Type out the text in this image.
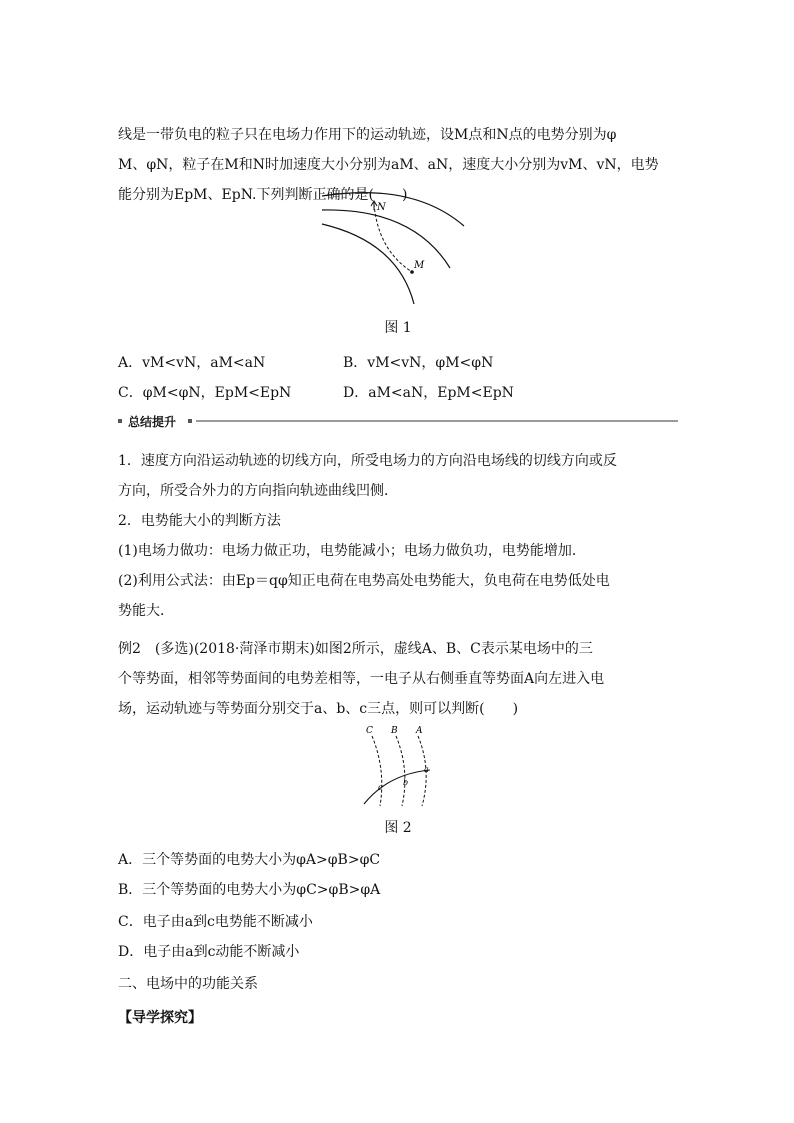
线是一带负电的粒子只在电场力作用下的运动轨迹，设M点和N点的电势分别为φ
M、φN，粒子在M和N时加速度大小分别为aM、aN，速度大小分别为vM、vN，电势
能分别为EpM、EpN.下列判断正确的是(　　)
N
M
图 1
A．vM<vN，aM<aN	B．vM<vN，φM<φN
C．φM<φN，EpM<EpN	D．aM<aN，EpM<EpN
总结提升
1．速度方向沿运动轨迹的切线方向，所受电场力的方向沿电场线的切线方向或反
方向，所受合外力的方向指向轨迹曲线凹侧．
2．电势能大小的判断方法
(1)电场力做功：电场力做正功，电势能减小；电场力做负功，电势能增加．
(2)利用公式法：由Ep＝qφ知正电荷在电势高处电势能大，负电荷在电势低处电
势能大．
例2　(多选)(2018·菏泽市期末)如图2所示，虚线A、B、C表示某电场中的三
个等势面，相邻等势面间的电势差相等，一电子从右侧垂直等势面A向左进入电
场，运动轨迹与等势面分别交于a、b、c三点，则可以判断(　　)
C B A
a
b
c
图 2
A．三个等势面的电势大小为φA>φB>φC
B．三个等势面的电势大小为φC>φB>φA
C．电子由a到c电势能不断减小
D．电子由a到c动能不断减小
二、电场中的功能关系
【导学探究】
